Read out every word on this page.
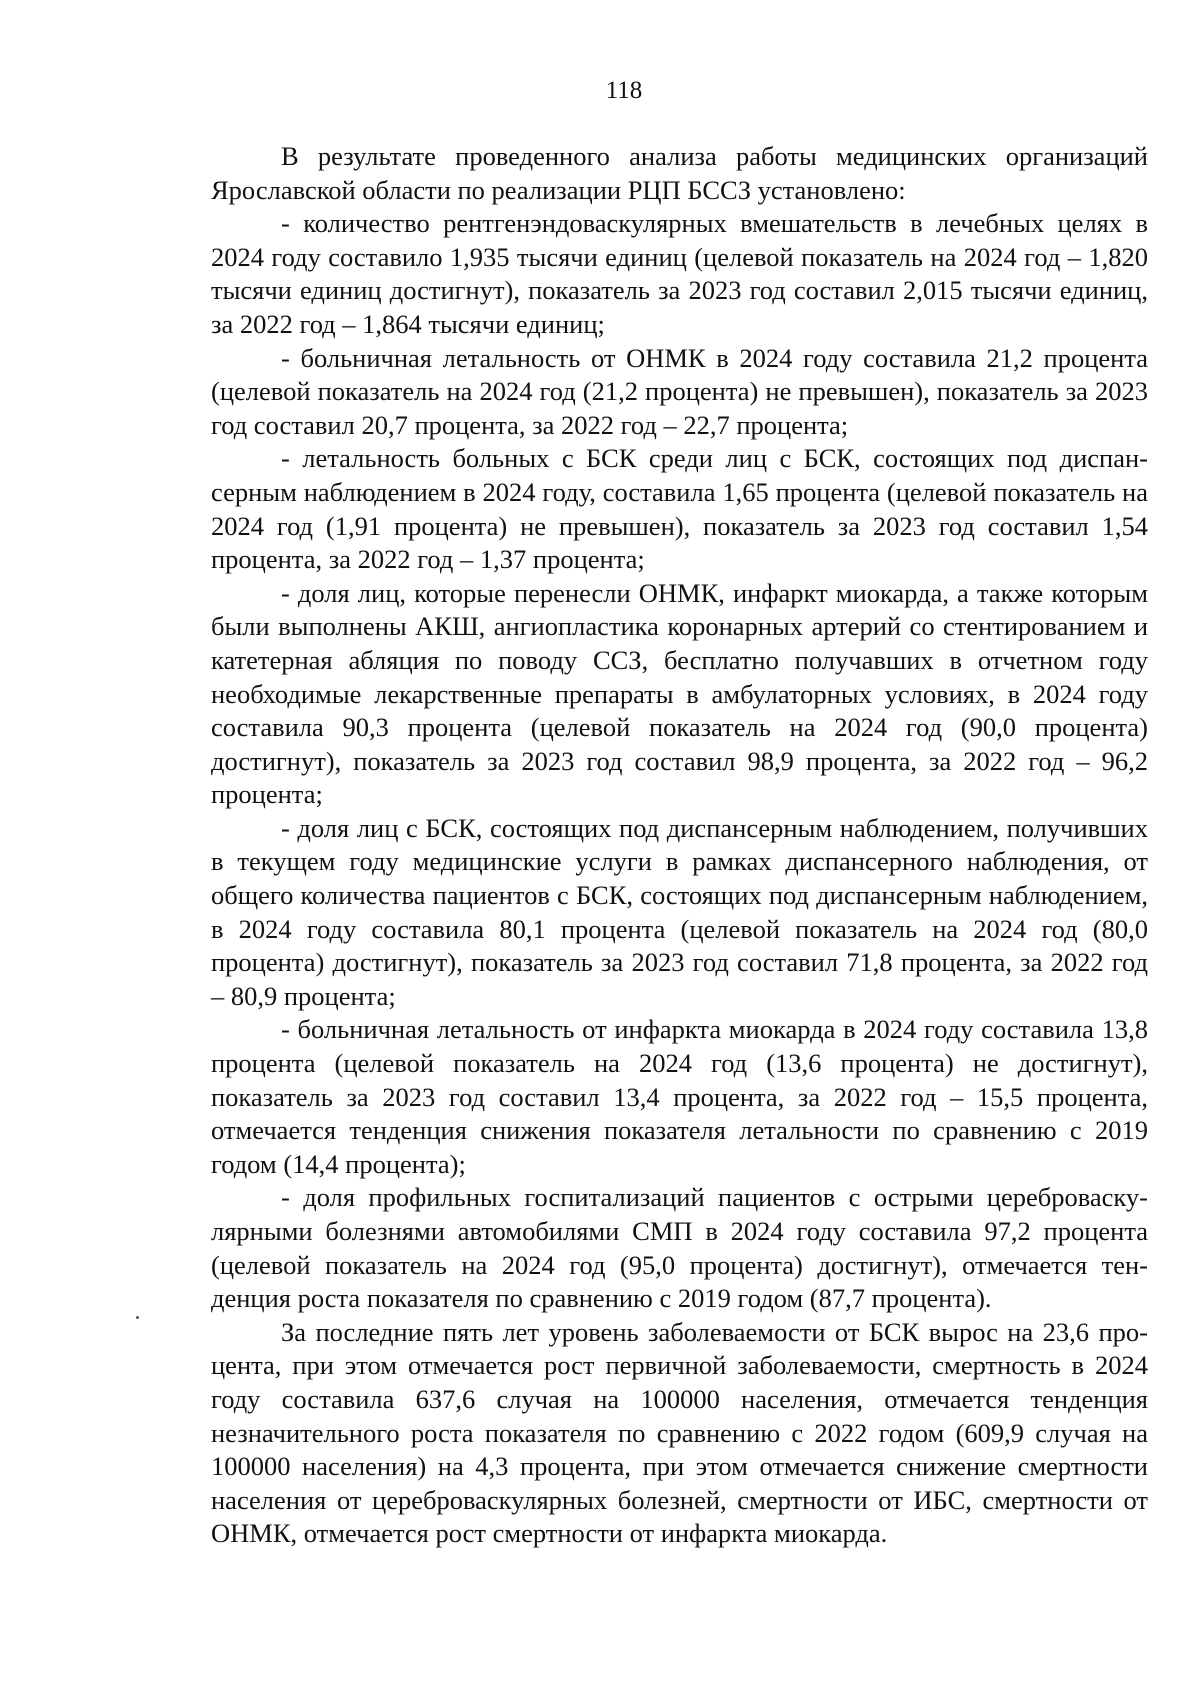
118

В результате проведенного анализа работы медицинских организаций Ярославской области по реализации РЦП БССЗ установлено:

- количество рентгенэндоваскулярных вмешательств в лечебных целях в 2024 году составило 1,935 тысячи единиц (целевой показатель на 2024 год – 1,820 тысячи единиц достигнут), показатель за 2023 год составил 2,015 тысячи единиц, за 2022 год – 1,864 тысячи единиц;

- больничная летальность от ОНМК в 2024 году составила 21,2 процента (целевой показатель на 2024 год (21,2 процента) не превышен), показатель за 2023 год составил 20,7 процента, за 2022 год – 22,7 процента;

- летальность больных с БСК среди лиц с БСК, состоящих под диспансерным наблюдением в 2024 году, составила 1,65 процента (целевой показатель на 2024 год (1,91 процента) не превышен), показатель за 2023 год составил 1,54 процента, за 2022 год – 1,37 процента;

- доля лиц, которые перенесли ОНМК, инфаркт миокарда, а также которым были выполнены АКШ, ангиопластика коронарных артерий со стентированием и катетерная абляция по поводу ССЗ, бесплатно получавших в отчетном году необходимые лекарственные препараты в амбулаторных условиях, в 2024 году составила 90,3 процента (целевой показатель на 2024 год (90,0 процента) достигнут), показатель за 2023 год составил 98,9 процента, за 2022 год – 96,2 процента;

- доля лиц с БСК, состоящих под диспансерным наблюдением, получивших в текущем году медицинские услуги в рамках диспансерного наблюдения, от общего количества пациентов с БСК, состоящих под диспансерным наблюдением, в 2024 году составила 80,1 процента (целевой показатель на 2024 год (80,0 процента) достигнут), показатель за 2023 год составил 71,8 процента, за 2022 год – 80,9 процента;

- больничная летальность от инфаркта миокарда в 2024 году составила 13,8 процента (целевой показатель на 2024 год (13,6 процента) не достигнут), показатель за 2023 год составил 13,4 процента, за 2022 год – 15,5 процента, отмечается тенденция снижения показателя летальности по сравнению с 2019 годом (14,4 процента);

- доля профильных госпитализаций пациентов с острыми цереброваскулярными болезнями автомобилями СМП в 2024 году составила 97,2 процента (целевой показатель на 2024 год (95,0 процента) достигнут), отмечается тенденция роста показателя по сравнению с 2019 годом (87,7 процента).

За последние пять лет уровень заболеваемости от БСК вырос на 23,6 процента, при этом отмечается рост первичной заболеваемости, смертность в 2024 году составила 637,6 случая на 100000 населения, отмечается тенденция незначительного роста показателя по сравнению с 2022 годом (609,9 случая на 100000 населения) на 4,3 процента, при этом отмечается снижение смертности населения от цереброваскулярных болезней, смертности от ИБС, смертности от ОНМК, отмечается рост смертности от инфаркта миокарда.
